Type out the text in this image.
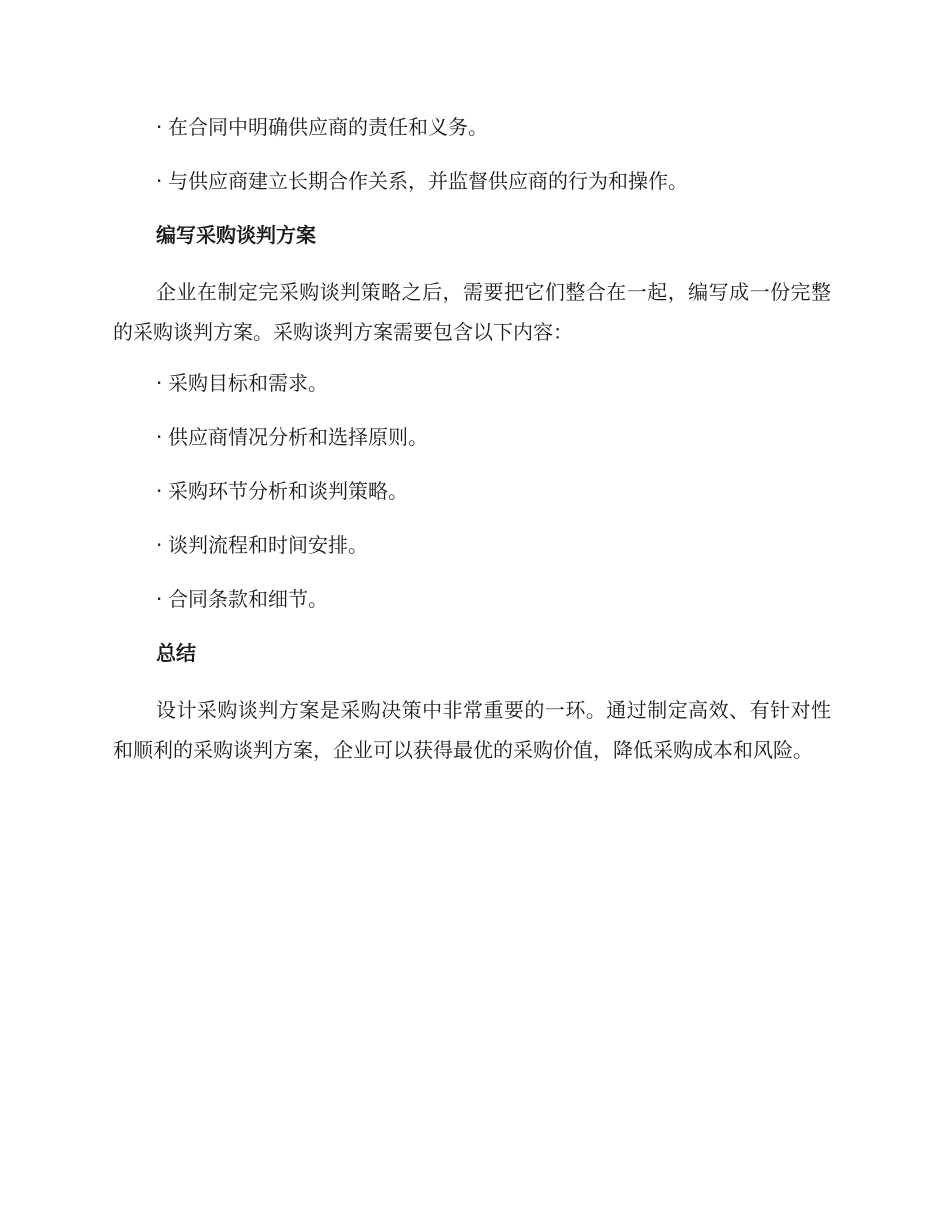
· 在合同中明确供应商的责任和义务。

· 与供应商建立长期合作关系，并监督供应商的行为和操作。

编写采购谈判方案

企业在制定完采购谈判策略之后，需要把它们整合在一起，编写成一份完整的采购谈判方案。采购谈判方案需要包含以下内容：

· 采购目标和需求。

· 供应商情况分析和选择原则。

· 采购环节分析和谈判策略。

· 谈判流程和时间安排。

· 合同条款和细节。

总结

设计采购谈判方案是采购决策中非常重要的一环。通过制定高效、有针对性和顺利的采购谈判方案，企业可以获得最优的采购价值，降低采购成本和风险。
